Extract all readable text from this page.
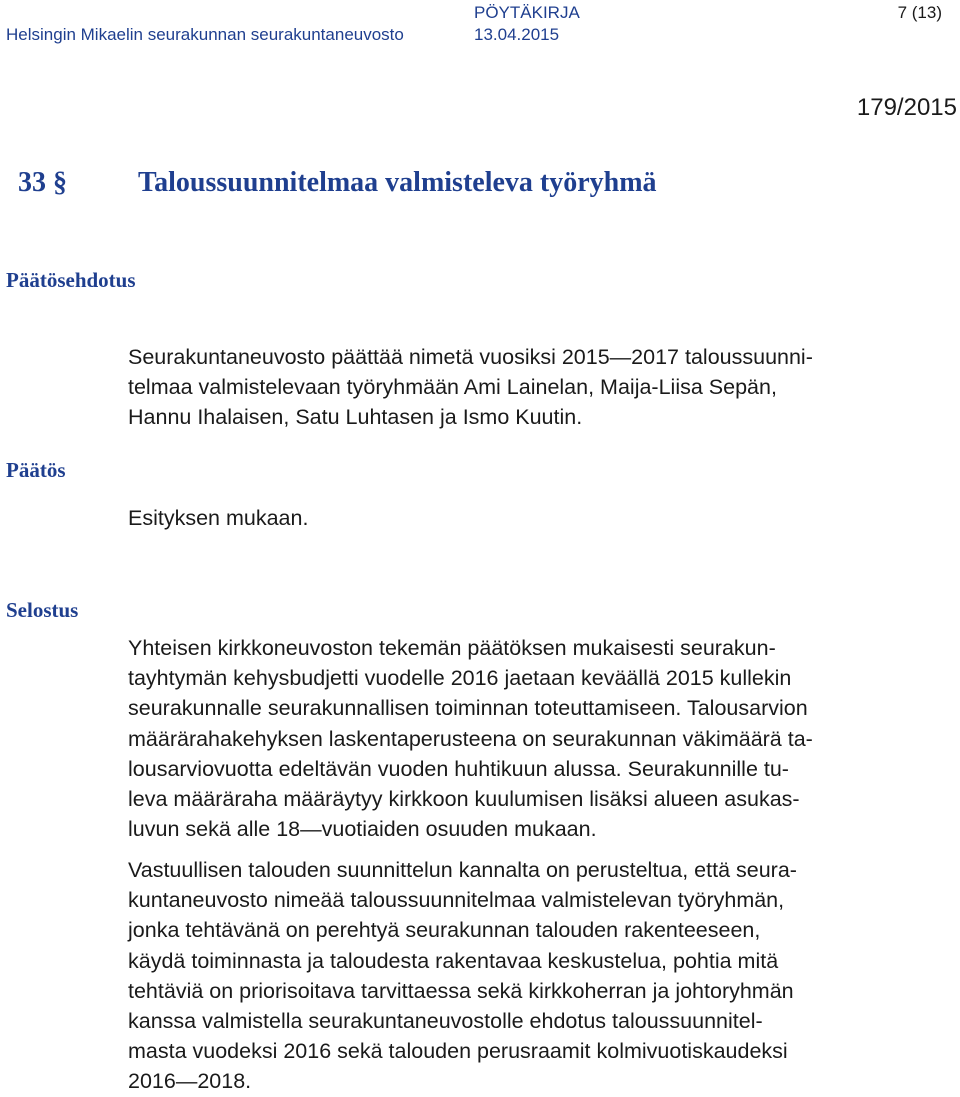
Helsingin Mikaelin seurakunnan seurakuntaneuvosto
PÖYTÄKIRJA
13.04.2015
7 (13)
179/2015
33 §	Taloussuunnitelmaa valmisteleva työryhmä
Päätösehdotus

Seurakuntaneuvosto päättää nimetä vuosiksi 2015—2017 taloussuunni-

telmaa valmistelevaan työryhmään Ami Lainelan, Maija-Liisa Sepän,

Hannu Ihalaisen, Satu Luhtasen ja Ismo Kuutin.

Päätös
Esityksen mukaan.
Selostus

Yhteisen kirkkoneuvoston tekemän päätöksen mukaisesti seurakun-

tayhtymän kehysbudjetti vuodelle 2016 jaetaan keväällä 2015 kullekin

seurakunnalle seurakunnallisen toiminnan toteuttamiseen. Talousarvion

määrärahakehyksen laskentaperusteena on seurakunnan väkimäärä ta-

lousarviovuotta edeltävän vuoden huhtikuun alussa. Seurakunnille tu-

leva määräraha määräytyy kirkkoon kuulumisen lisäksi alueen asukas-

luvun sekä alle 18—vuotiaiden osuuden mukaan.

Vastuullisen talouden suunnittelun kannalta on perusteltua, että seura-

kuntaneuvosto nimeää taloussuunnitelmaa valmistelevan työryhmän,

jonka tehtävänä on perehtyä seurakunnan talouden rakenteeseen,

käydä toiminnasta ja taloudesta rakentavaa keskustelua, pohtia mitä

tehtäviä on priorisoitava tarvittaessa sekä kirkkoherran ja johtoryhmän

kanssa valmistella seurakuntaneuvostolle ehdotus taloussuunnitel-

masta vuodeksi 2016 sekä talouden perusraamit kolmivuotiskaudeksi

2016—2018.
